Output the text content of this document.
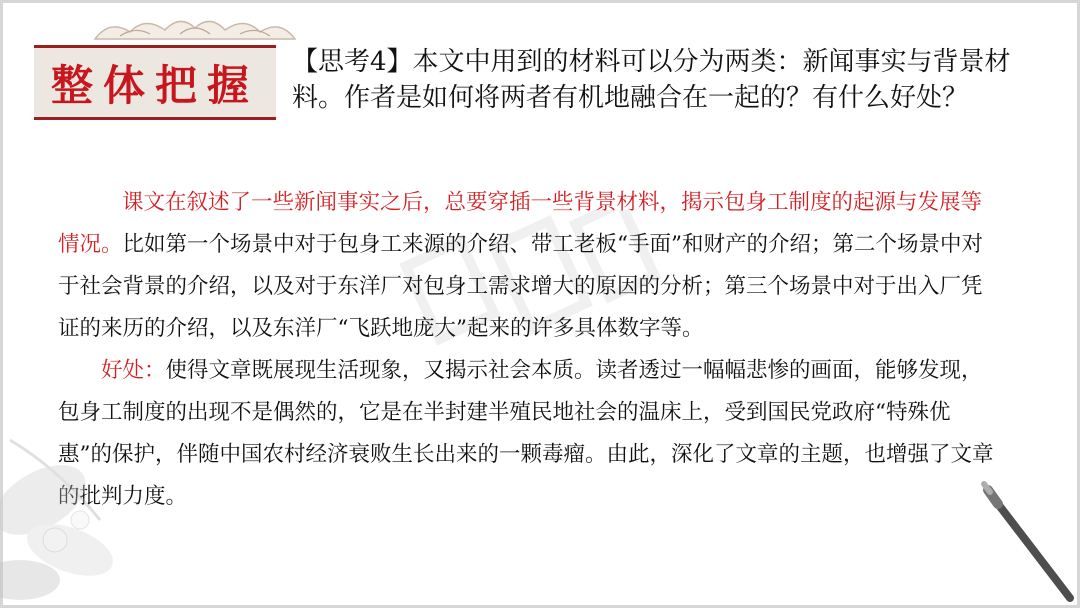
整体把握	【思考4】本文中用到的材料可以分为两类：新闻事实与背景材料。作者是如何将两者有机地融合在一起的？有什么好处？

课文在叙述了一些新闻事实之后，总要穿插一些背景材料，揭示包身工制度的起源与发展等情况。比如第一个场景中对于包身工来源的介绍、带工老板“手面”和财产的介绍；第二个场景中对于社会背景的介绍，以及对于东洋厂对包身工需求增大的原因的分析；第三个场景中对于出入厂凭证的来历的介绍，以及东洋厂“飞跃地庞大”起来的许多具体数字等。

好处：使得文章既展现生活现象，又揭示社会本质。读者透过一幅幅悲惨的画面，能够发现，包身工制度的出现不是偶然的，它是在半封建半殖民地社会的温床上，受到国民党政府“特殊优惠”的保护，伴随中国农村经济衰败生长出来的一颗毒瘤。由此，深化了文章的主题，也增强了文章的批判力度。
